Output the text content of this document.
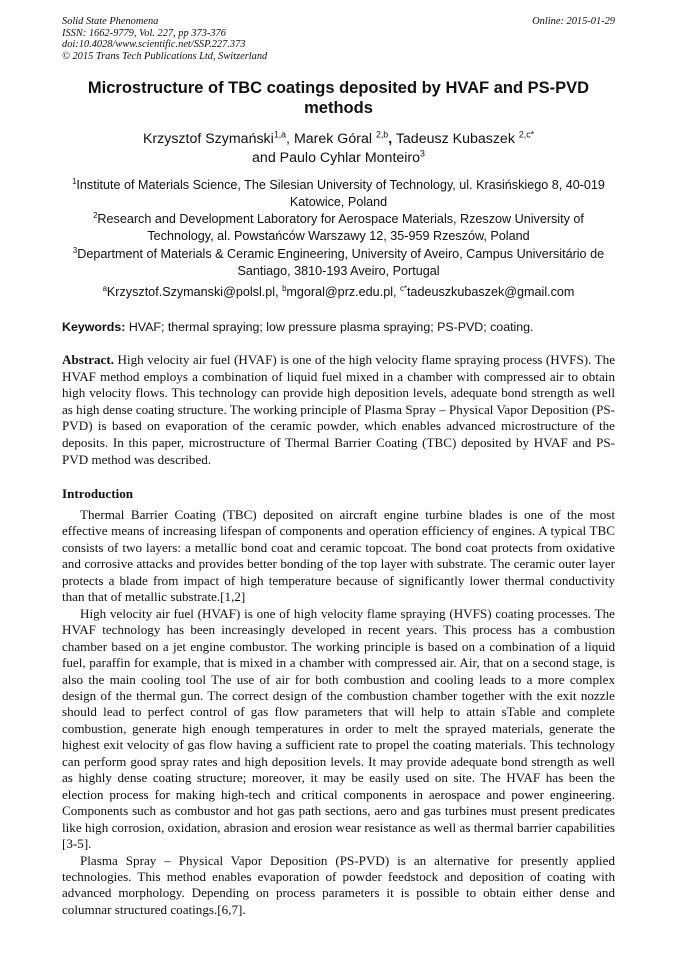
Solid State Phenomena
ISSN: 1662-9779, Vol. 227, pp 373-376
doi:10.4028/www.scientific.net/SSP.227.373
© 2015 Trans Tech Publications Ltd, Switzerland
Online: 2015-01-29
Microstructure of TBC coatings deposited by HVAF and PS-PVD methods
Krzysztof Szymański$^{1,a}$, Marek Góral $^{2,b}$, Tadeusz Kubaszek $^{2,c*}$
and Paulo Cyhlar Monteiro$^3$
$^1$Institute of Materials Science, The Silesian University of Technology, ul. Krasińskiego 8, 40-019 Katowice, Poland
$^2$Research and Development Laboratory for Aerospace Materials, Rzeszow University of Technology, al. Powstańców Warszawy 12, 35-959 Rzeszów, Poland
$^3$Department of Materials & Ceramic Engineering, University of Aveiro, Campus Universitário de Santiago, 3810-193 Aveiro, Portugal
$^a$Krzysztof.Szymanski@polsl.pl, $^b$mgoral@prz.edu.pl, $^{c*}$tadeuszkubaszek@gmail.com
Keywords: HVAF; thermal spraying; low pressure plasma spraying; PS-PVD; coating.
Abstract. High velocity air fuel (HVAF) is one of the high velocity flame spraying process (HVFS). The HVAF method employs a combination of liquid fuel mixed in a chamber with compressed air to obtain high velocity flows. This technology can provide high deposition levels, adequate bond strength as well as high dense coating structure. The working principle of Plasma Spray – Physical Vapor Deposition (PS-PVD) is based on evaporation of the ceramic powder, which enables advanced microstructure of the deposits. In this paper, microstructure of Thermal Barrier Coating (TBC) deposited by HVAF and PS-PVD method was described.
Introduction

Thermal Barrier Coating (TBC) deposited on aircraft engine turbine blades is one of the most effective means of increasing lifespan of components and operation efficiency of engines. A typical TBC consists of two layers: a metallic bond coat and ceramic topcoat. The bond coat protects from oxidative and corrosive attacks and provides better bonding of the top layer with substrate. The ceramic outer layer protects a blade from impact of high temperature because of significantly lower thermal conductivity than that of metallic substrate.[1,2]

High velocity air fuel (HVAF) is one of high velocity flame spraying (HVFS) coating processes. The HVAF technology has been increasingly developed in recent years. This process has a combustion chamber based on a jet engine combustor. The working principle is based on a combination of a liquid fuel, paraffin for example, that is mixed in a chamber with compressed air. Air, that on a second stage, is also the main cooling tool The use of air for both combustion and cooling leads to a more complex design of the thermal gun. The correct design of the combustion chamber together with the exit nozzle should lead to perfect control of gas flow parameters that will help to attain sTable and complete combustion, generate high enough temperatures in order to melt the sprayed materials, generate the highest exit velocity of gas flow having a sufficient rate to propel the coating materials. This technology can perform good spray rates and high deposition levels. It may provide adequate bond strength as well as highly dense coating structure; moreover, it may be easily used on site. The HVAF has been the election process for making high-tech and critical components in aerospace and power engineering. Components such as combustor and hot gas path sections, aero and gas turbines must present predicates like high corrosion, oxidation, abrasion and erosion wear resistance as well as thermal barrier capabilities [3-5].

Plasma Spray – Physical Vapor Deposition (PS-PVD) is an alternative for presently applied technologies. This method enables evaporation of powder feedstock and deposition of coating with advanced morphology. Depending on process parameters it is possible to obtain either dense and columnar structured coatings.[6,7].
